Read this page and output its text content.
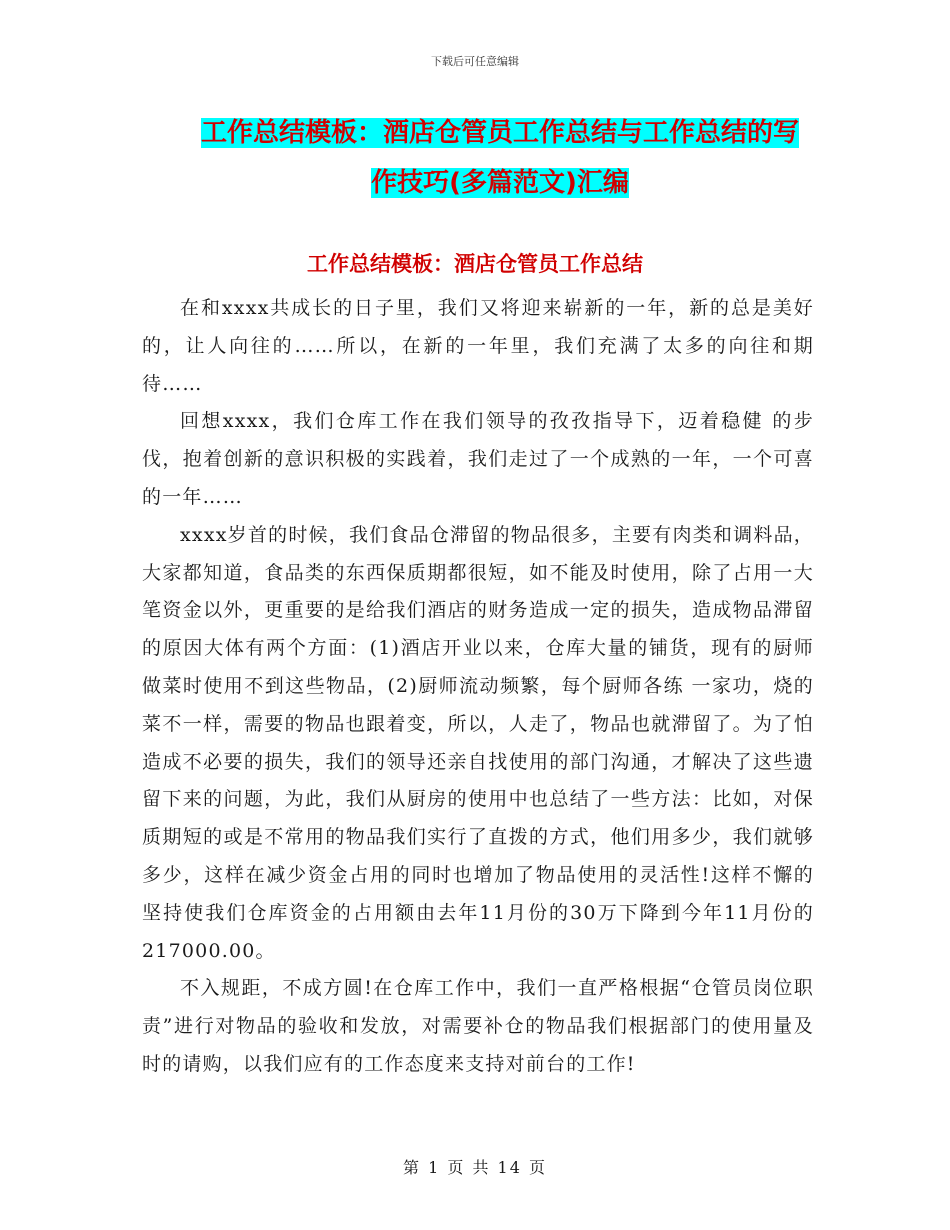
下载后可任意编辑
工作总结模板：酒店仓管员工作总结与工作总结的写
作技巧(多篇范文)汇编
工作总结模板：酒店仓管员工作总结

在和xxxx共成长的日子里，我们又将迎来崭新的一年，新的总是美好的，让人向往的……所以，在新的一年里，我们充满了太多的向往和期待……

回想xxxx，我们仓库工作在我们领导的孜孜指导下，迈着稳健 的步伐，抱着创新的意识积极的实践着，我们走过了一个成熟的一年，一个可喜的一年……

xxxx岁首的时候，我们食品仓滞留的物品很多，主要有肉类和调料品，大家都知道，食品类的东西保质期都很短，如不能及时使用，除了占用一大笔资金以外，更重要的是给我们酒店的财务造成一定的损失，造成物品滞留的原因大体有两个方面：(1)酒店开业以来，仓库大量的铺货，现有的厨师做菜时使用不到这些物品，(2)厨师流动频繁，每个厨师各练 一家功，烧的菜不一样，需要的物品也跟着变，所以，人走了，物品也就滞留了。为了怕造成不必要的损失，我们的领导还亲自找使用的部门沟通，才解决了这些遗留下来的问题，为此，我们从厨房的使用中也总结了一些方法：比如，对保质期短的或是不常用的物品我们实行了直拨的方式，他们用多少，我们就够多少，这样在减少资金占用的同时也增加了物品使用的灵活性!这样不懈的坚持使我们仓库资金的占用额由去年11月份的30万下降到今年11月份的217000.00。

不入规距，不成方圆!在仓库工作中，我们一直严格根据“仓管员岗位职责”进行对物品的验收和发放，对需要补仓的物品我们根据部门的使用量及时的请购，以我们应有的工作态度来支持对前台的工作!

第 1 页 共 14 页
